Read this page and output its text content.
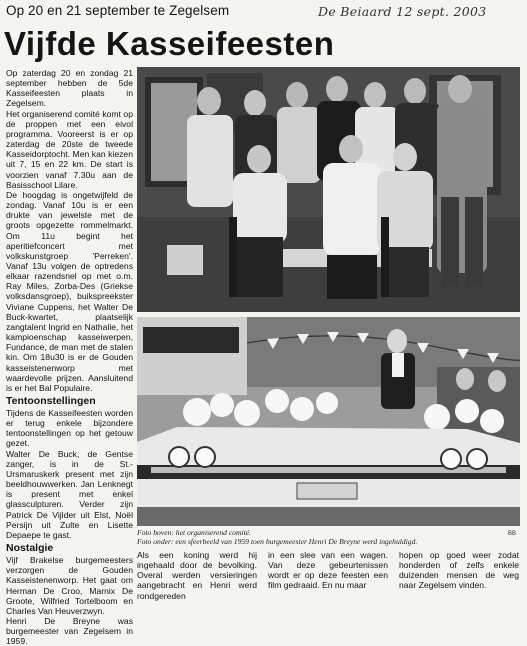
Op 20 en 21 september te Zegelsem	De Beiaard 12 sept. 2003
Vijfde Kasseifeesten

Op zaterdag 20 en zondag 21 september hebben de 5de Kasseifeesten plaats in Zegelsem.

Het organiserend comité komt op de proppen met een eivol programma. Vooreerst is er op zaterdag de 20ste de tweede Kasseidorptocht. Men kan kiezen uit 7, 15 en 22 km. De start is voorzien vanaf 7.30u aan de Basisschool Lilare.

De hoogdag is ongetwijfeld de zondag. Vanaf 10u is er een drukte van jewelste met de groots opgezette rommelmarkt. Om 11u begint het aperitiefconcert met volkskunstgroep 'Perreken'. Vanaf 13u volgen de optredens elkaar razendsnel op met o.m. Ray Miles, Zorba-Des (Griekse volksdansgroep), buikspreekster Viviane Cuppens, het Walter De Buck-kwartet, plaatselijk zangtalent Ingrid en Nathalie, het kampioenschap kasseiwerpen, Fundance, de man met de stalen kin. Om 18u30 is er de Gouden kasseistenenworp met waardevolle prijzen. Aansluitend is er het Bal Populaire.

Tentoonstellingen

Tijdens de Kasseifeesten worden er terug enkele bijzondere tentoonstellingen op het getouw gezet.

Walter De Buck, de Gentse zanger, is in de St.-Ursmaruskerk present met zijn beeldhouwwerken. Jan Lenknegt is present met enkel glassculpturen. Verder zijn Patrick De Vijlder uit Elst, Noël Persijn uit Zulte en Lisette Depaepe te gast.

Nostalgie

Vijf Brakelse burgemeesters verzorgen de Gouden Kasseistenenworp. Het gaat om Herman De Croo, Marnix De Groote, Wilfried Tortelboom en Charles Van Heuverzwyn.

Henri De Breyne was burgemeester van Zegelsem in 1959.

Foto boven: het organiserend comité.
Foto onder: een sfeerbeeld van 1959 toen burgemeester Henri De Breyne werd ingehuldigd.
BB
Als een koning werd hij ingehaald door de bevolking. Overal werden versieringen aangebracht en Henri werd rondgereden
in een slee van een wagen. Van deze gebeurtenissen wordt er op deze feesten een film gedraaid. En nu maar
hopen op goed weer zodat honderden of zelfs enkele duizenden mensen de weg naar Zegelsem vinden.
